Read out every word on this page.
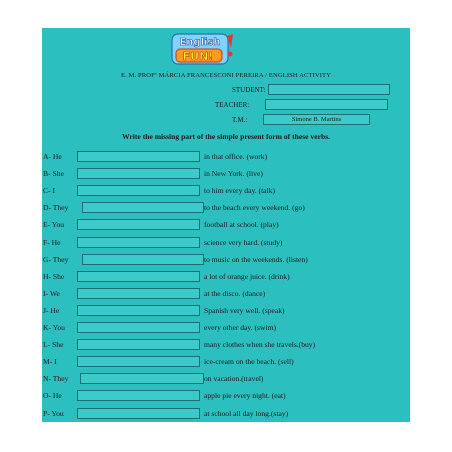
English
FUN!
E. M. PROFª MÁRCIA FRANCESCONI PEREIRA / ENGLISH ACTIVITY
STUDENT:
TEACHER:
T.M.:	Simone B. Martins
Write the missing part of the simple present form of these verbs.
A- He	in that office. (work)
B- She	in New York. (live)
C- I	to him every day. (talk)
D- They	to the beach every weekend. (go)
E- You	football at school. (play)
F- He	science very hard. (study)
G- They	to music on the weekends. (listen)
H- She	a lot of orange juice. (drink)
I- We	at the disco. (dance)
J- He	Spanish very well. (speak)
K- You	every other day. (swim)
L- She	many clothes when she travels.(buy)
M- I	ice-cream on the beach. (sell)
N- They	on vacation.(travel)
O- He	apple pie every night. (eat)
P- You	at school all day long.(stay)
